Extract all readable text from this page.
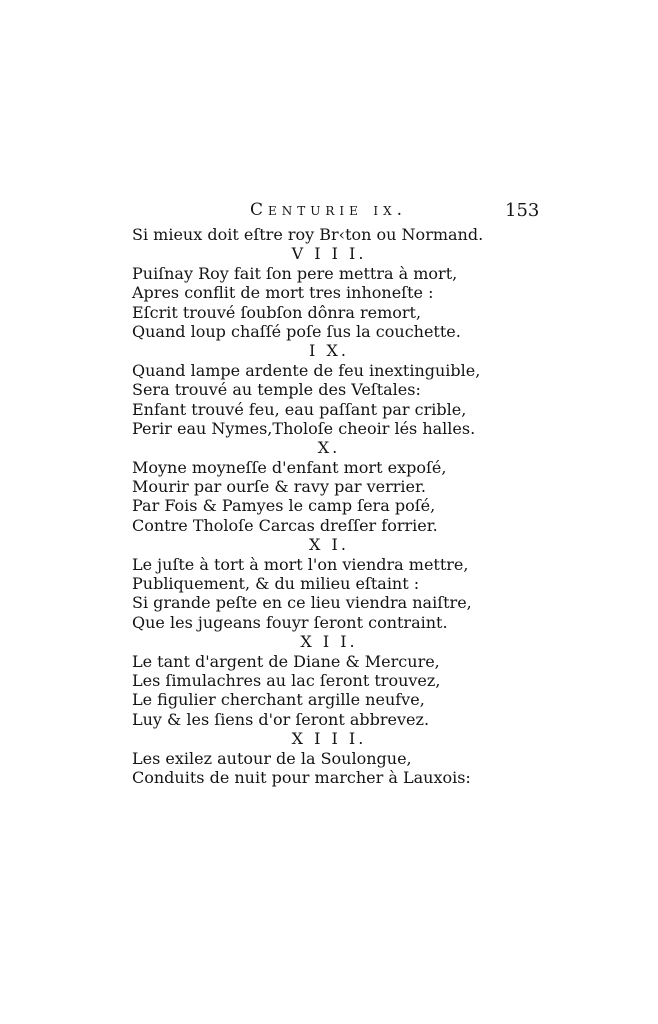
Centurie ix.	153
Si mieux doit eſtre roy Br‹ton ou Normand.
V I I I.
Puiſnay Roy fait ſon pere mettra à mort,
Apres conflit de mort tres inhoneſte :
Eſcrit trouvé ſoubſon dônra remort,
Quand loup chaſſé poſe ſus la couchette.
I X.
Quand lampe ardente de feu inextinguible,
Sera trouvé au temple des Veſtales:
Enfant trouvé feu, eau paſſant par crible,
Perir eau Nymes,Tholoſe cheoir lés halles.
X.
Moyne moyneſſe d'enfant mort expoſé,
Mourir par ourſe & ravy par verrier.
Par Fois & Pamyes le camp ſera poſé,
Contre Tholoſe Carcas dreſſer forrier.
X I.
Le juſte à tort à mort l'on viendra mettre,
Publiquement, & du milieu eſtaint :
Si grande peſte en ce lieu viendra naiſtre,
Que les jugeans fouyr ſeront contraint.
X I I.
Le tant d'argent de Diane & Mercure,
Les ſimulachres au lac ſeront trouvez,
Le figulier cherchant argille neufve,
Luy & les ſiens d'or ſeront abbrevez.
X I I I.
Les exilez autour de la Soulongue,
Conduits de nuit pour marcher à Lauxois:
